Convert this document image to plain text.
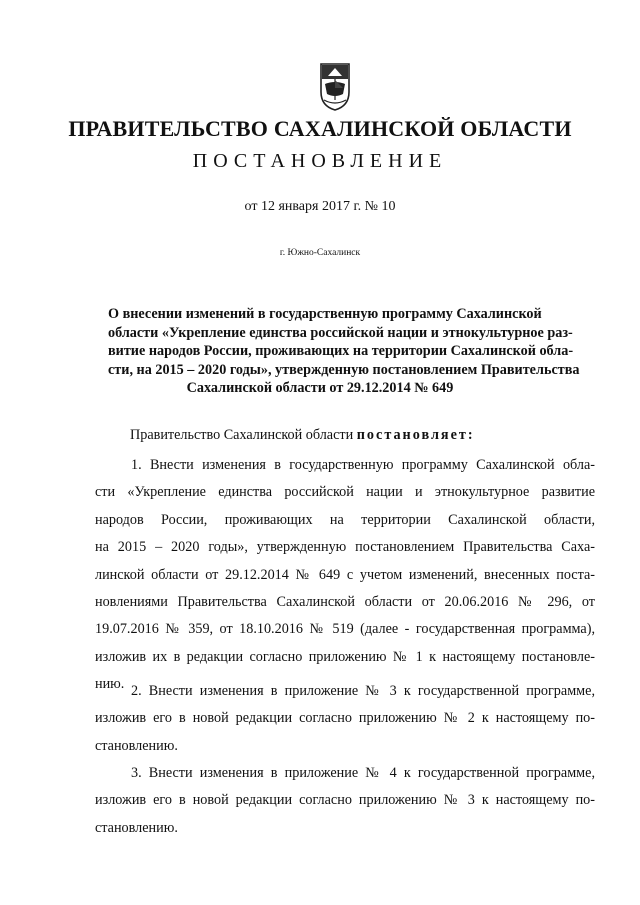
ПРАВИТЕЛЬСТВО САХАЛИНСКОЙ ОБЛАСТИ
ПОСТАНОВЛЕНИЕ
от 12 января 2017 г. № 10
г. Южно-Сахалинск
О внесении изменений в государственную программу Сахалинской
области «Укрепление единства российской нации и этнокультурное раз-
витие народов России, проживающих на территории Сахалинской обла-
сти, на 2015 – 2020 годы», утвержденную постановлением Правительства
Сахалинской области от 29.12.2014 № 649
Правительство Сахалинской области постановляет:
1. Внести изменения в государственную программу Сахалинской обла-
сти «Укрепление единства российской нации и этнокультурное развитие
народов России, проживающих на территории Сахалинской области,
на 2015 – 2020 годы», утвержденную постановлением Правительства Саха-
линской области от 29.12.2014 № 649 с учетом изменений, внесенных поста-
новлениями Правительства Сахалинской области от 20.06.2016 № 296, от
19.07.2016 № 359, от 18.10.2016 № 519 (далее - государственная программа),
изложив их в редакции согласно приложению № 1 к настоящему постановле-
нию. 2. Внести изменения в приложение № 3 к государственной программе,
изложив его в новой редакции согласно приложению № 2 к настоящему по-
становлению.
3. Внести изменения в приложение № 4 к государственной программе,
изложив его в новой редакции согласно приложению № 3 к настоящему по-
становлению.
